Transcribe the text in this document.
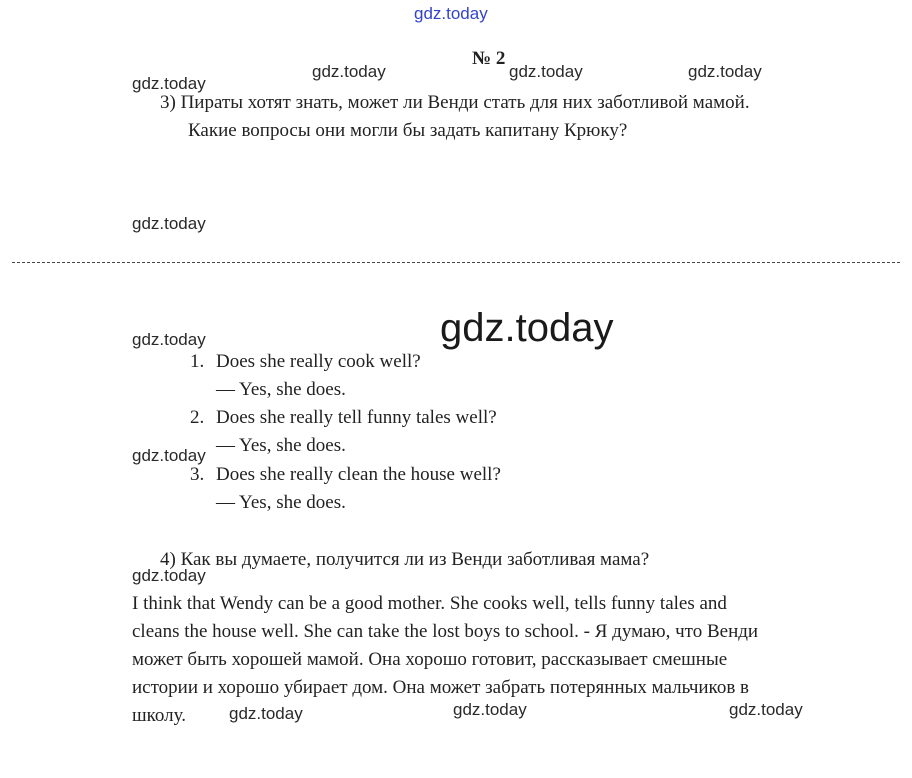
gdz.today
gdz.today	gdz.today	gdz.today
gdz.today
gdz.today
gdz.today	gdz.today
gdz.today
gdz.today
gdz.today	gdz.today	gdz.today
№ 2
3) Пираты хотят знать, может ли Венди стать для них заботливой мамой.
Какие вопросы они могли бы задать капитану Крюку?
1. Does she really cook well?
— Yes, she does.
2. Does she really tell funny tales well?
— Yes, she does.
3. Does she really clean the house well?
— Yes, she does.
4) Как вы думаете, получится ли из Венди заботливая мама?
I think that Wendy can be a good mother. She cooks well, tells funny tales and
cleans the house well. She can take the lost boys to school. - Я думаю, что Венди
может быть хорошей мамой. Она хорошо готовит, рассказывает смешные
истории и хорошо убирает дом. Она может забрать потерянных мальчиков в
школу.
